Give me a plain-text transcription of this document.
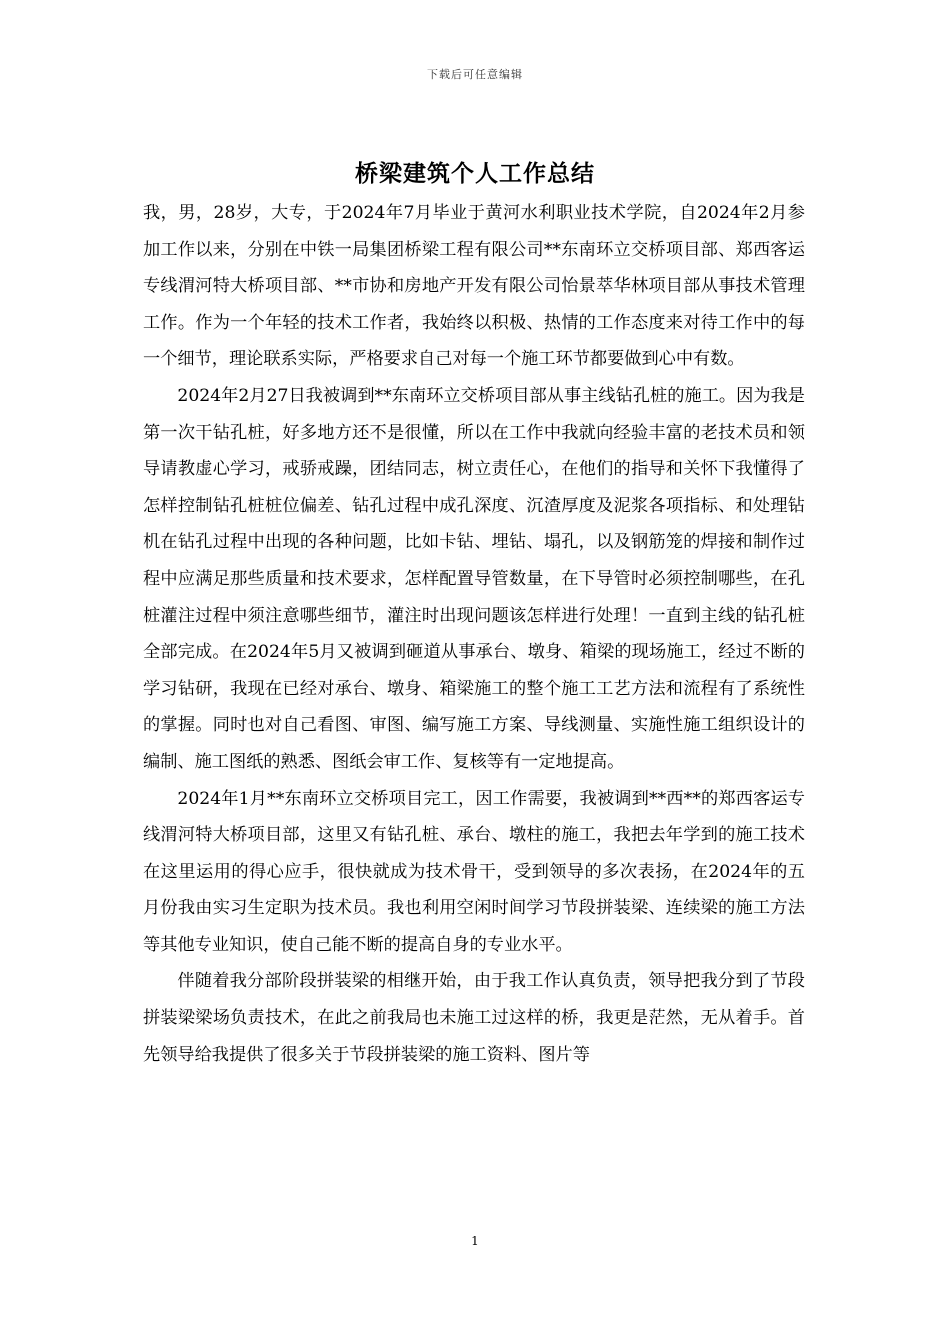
下载后可任意编辑
桥梁建筑个人工作总结

我，男，28岁，大专，于2024年7月毕业于黄河水利职业技术学院，自2024年2月参加工作以来，分别在中铁一局集团桥梁工程有限公司**东南环立交桥项目部、郑西客运专线渭河特大桥项目部、**市协和房地产开发有限公司怡景萃华林项目部从事技术管理工作。作为一个年轻的技术工作者，我始终以积极、热情的工作态度来对待工作中的每一个细节，理论联系实际，严格要求自己对每一个施工环节都要做到心中有数。

2024年2月27日我被调到**东南环立交桥项目部从事主线钻孔桩的施工。因为我是第一次干钻孔桩，好多地方还不是很懂，所以在工作中我就向经验丰富的老技术员和领导请教虚心学习，戒骄戒躁，团结同志，树立责任心，在他们的指导和关怀下我懂得了怎样控制钻孔桩桩位偏差、钻孔过程中成孔深度、沉渣厚度及泥浆各项指标、和处理钻机在钻孔过程中出现的各种问题，比如卡钻、埋钻、塌孔，以及钢筋笼的焊接和制作过程中应满足那些质量和技术要求，怎样配置导管数量，在下导管时必须控制哪些，在孔桩灌注过程中须注意哪些细节，灌注时出现问题该怎样进行处理！一直到主线的钻孔桩全部完成。在2024年5月又被调到砸道从事承台、墩身、箱梁的现场施工，经过不断的学习钻研，我现在已经对承台、墩身、箱梁施工的整个施工工艺方法和流程有了系统性的掌握。同时也对自己看图、审图、编写施工方案、导线测量、实施性施工组织设计的编制、施工图纸的熟悉、图纸会审工作、复核等有一定地提高。

2024年1月**东南环立交桥项目完工，因工作需要，我被调到**西**的郑西客运专线渭河特大桥项目部，这里又有钻孔桩、承台、墩柱的施工，我把去年学到的施工技术在这里运用的得心应手，很快就成为技术骨干，受到领导的多次表扬，在2024年的五月份我由实习生定职为技术员。我也利用空闲时间学习节段拼装梁、连续梁的施工方法等其他专业知识，使自己能不断的提高自身的专业水平。

伴随着我分部阶段拼装梁的相继开始，由于我工作认真负责，领导把我分到了节段拼装梁梁场负责技术，在此之前我局也未施工过这样的桥，我更是茫然，无从着手。首先领导给我提供了很多关于节段拼装梁的施工资料、图片等

1
